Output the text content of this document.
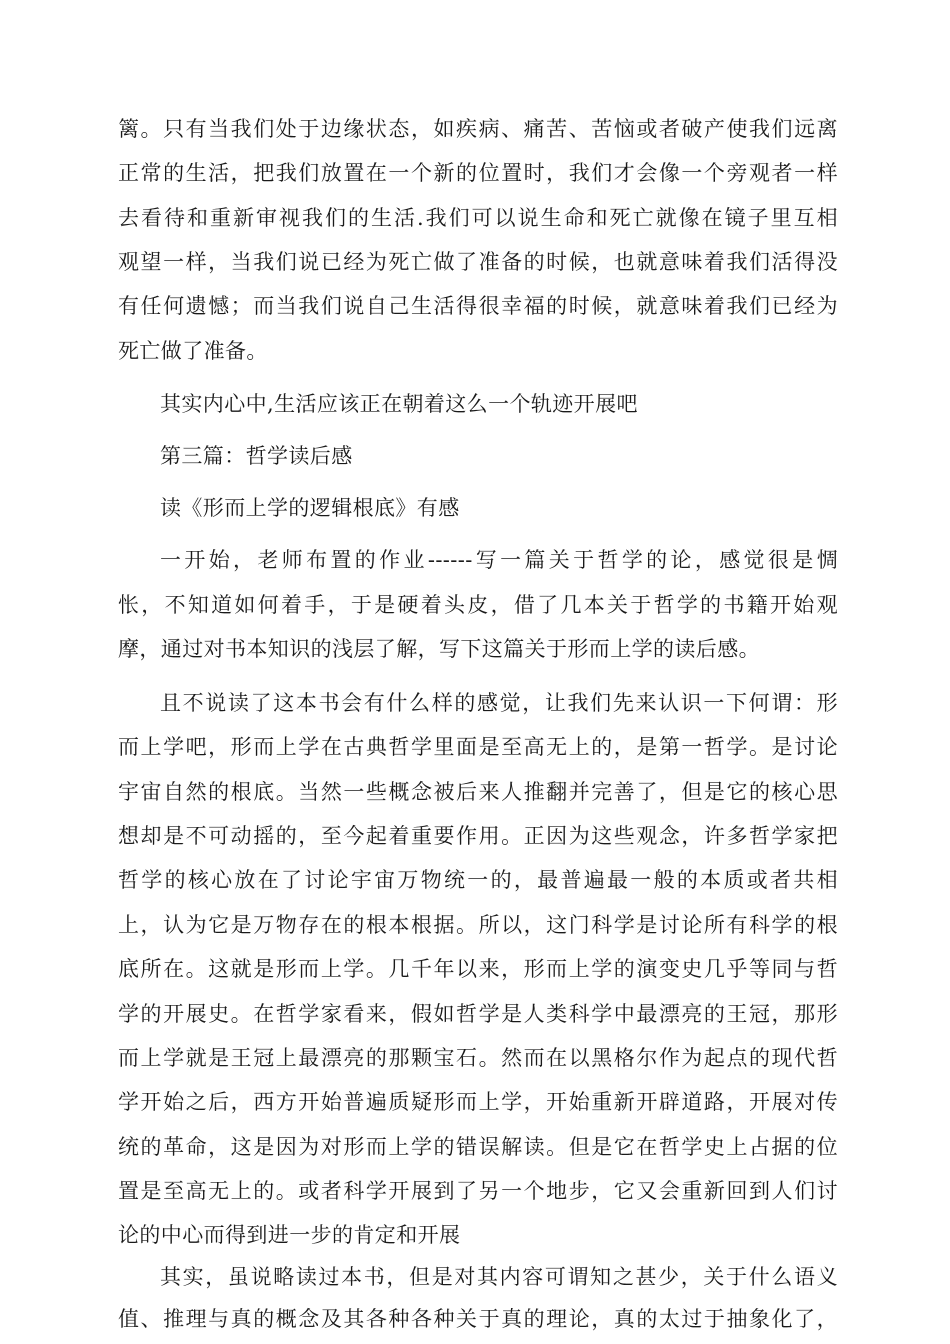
篱。只有当我们处于边缘状态，如疾病、痛苦、苦恼或者破产使我们远离
正常的生活，把我们放置在一个新的位置时，我们才会像一个旁观者一样
去看待和重新审视我们的生活.我们可以说生命和死亡就像在镜子里互相
观望一样，当我们说已经为死亡做了准备的时候，也就意味着我们活得没
有任何遗憾；而当我们说自己生活得很幸福的时候，就意味着我们已经为
死亡做了准备。
其实内心中,生活应该正在朝着这么一个轨迹开展吧
第三篇：哲学读后感
读《形而上学的逻辑根底》有感
一开始，老师布置的作业------写一篇关于哲学的论，感觉很是惆
怅，不知道如何着手，于是硬着头皮，借了几本关于哲学的书籍开始观
摩，通过对书本知识的浅层了解，写下这篇关于形而上学的读后感。
且不说读了这本书会有什么样的感觉，让我们先来认识一下何谓：形
而上学吧，形而上学在古典哲学里面是至高无上的，是第一哲学。是讨论
宇宙自然的根底。当然一些概念被后来人推翻并完善了，但是它的核心思
想却是不可动摇的，至今起着重要作用。正因为这些观念，许多哲学家把
哲学的核心放在了讨论宇宙万物统一的，最普遍最一般的本质或者共相
上，认为它是万物存在的根本根据。所以，这门科学是讨论所有科学的根
底所在。这就是形而上学。几千年以来，形而上学的演变史几乎等同与哲
学的开展史。在哲学家看来，假如哲学是人类科学中最漂亮的王冠，那形
而上学就是王冠上最漂亮的那颗宝石。然而在以黑格尔作为起点的现代哲
学开始之后，西方开始普遍质疑形而上学，开始重新开辟道路，开展对传
统的革命，这是因为对形而上学的错误解读。但是它在哲学史上占据的位
置是至高无上的。或者科学开展到了另一个地步，它又会重新回到人们讨
论的中心而得到进一步的肯定和开展
其实，虽说略读过本书，但是对其内容可谓知之甚少，关于什么语义
值、推理与真的概念及其各种各种关于真的理论，真的太过于抽象化了，
